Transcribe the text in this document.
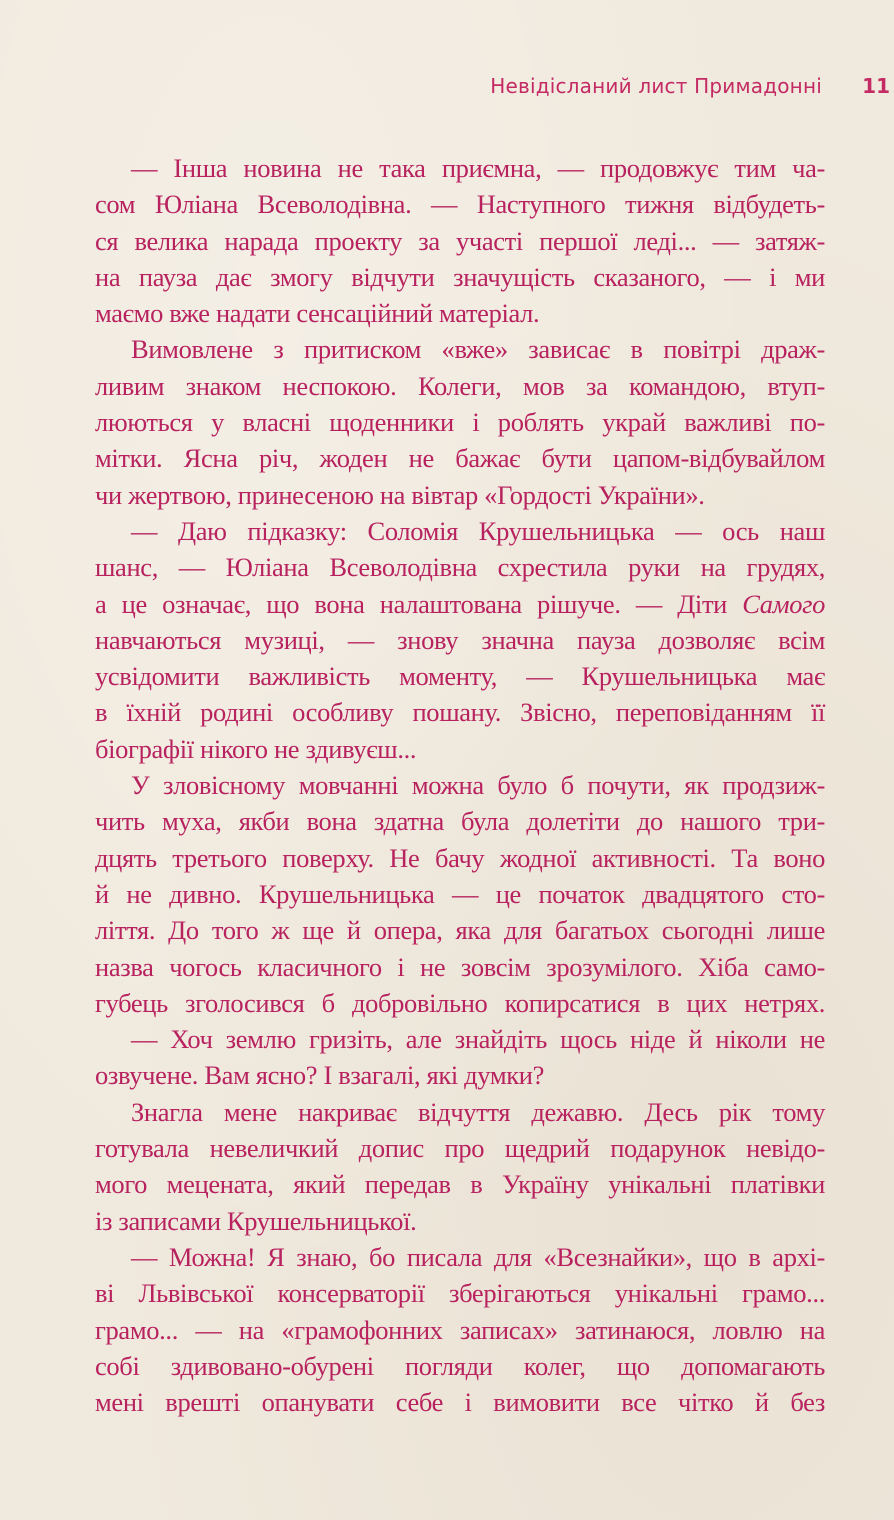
Невідісланий лист Примадонні 11
— Інша новина не така приємна, — продовжує тим ча-
сом Юліана Всеволодівна. — Наступного тижня відбудеть-
ся велика нарада проекту за участі першої леді... — затяж-
на пауза дає змогу відчути значущість сказаного, — і ми
маємо вже надати сенсаційний матеріал.
Вимовлене з притиском «вже» зависає в повітрі драж-
ливим знаком неспокою. Колеги, мов за командою, втуп-
люються у власні щоденники і роблять украй важливі по-
мітки. Ясна річ, жоден не бажає бути цапом-відбувайлом
чи жертвою, принесеною на вівтар «Гордості України».
— Даю підказку: Соломія Крушельницька — ось наш
шанс, — Юліана Всеволодівна схрестила руки на грудях,
а це означає, що вона налаштована рішуче. — Діти Самого
навчаються музиці, — знову значна пауза дозволяє всім
усвідомити важливість моменту, — Крушельницька має
в їхній родині особливу пошану. Звісно, переповіданням її
біографії нікого не здивуєш...
У зловісному мовчанні можна було б почути, як продзиж-
чить муха, якби вона здатна була долетіти до нашого три-
дцять третього поверху. Не бачу жодної активності. Та воно
й не дивно. Крушельницька — це початок двадцятого сто-
ліття. До того ж ще й опера, яка для багатьох сьогодні лише
назва чогось класичного і не зовсім зрозумілого. Хіба само-
губець зголосився б добровільно копирсатися в цих нетрях.
— Хоч землю гризіть, але знайдіть щось ніде й ніколи не
озвучене. Вам ясно? І взагалі, які думки?
Знагла мене накриває відчуття дежавю. Десь рік тому
готувала невеличкий допис про щедрий подарунок невідо-
мого мецената, який передав в Україну унікальні платівки
із записами Крушельницької.
— Можна! Я знаю, бо писала для «Всезнайки», що в архі-
ві Львівської консерваторії зберігаються унікальні грамо...
грамо... — на «грамофонних записах» затинаюся, ловлю на
собі здивовано-обурені погляди колег, що допомагають
мені врешті опанувати себе і вимовити все чітко й без
